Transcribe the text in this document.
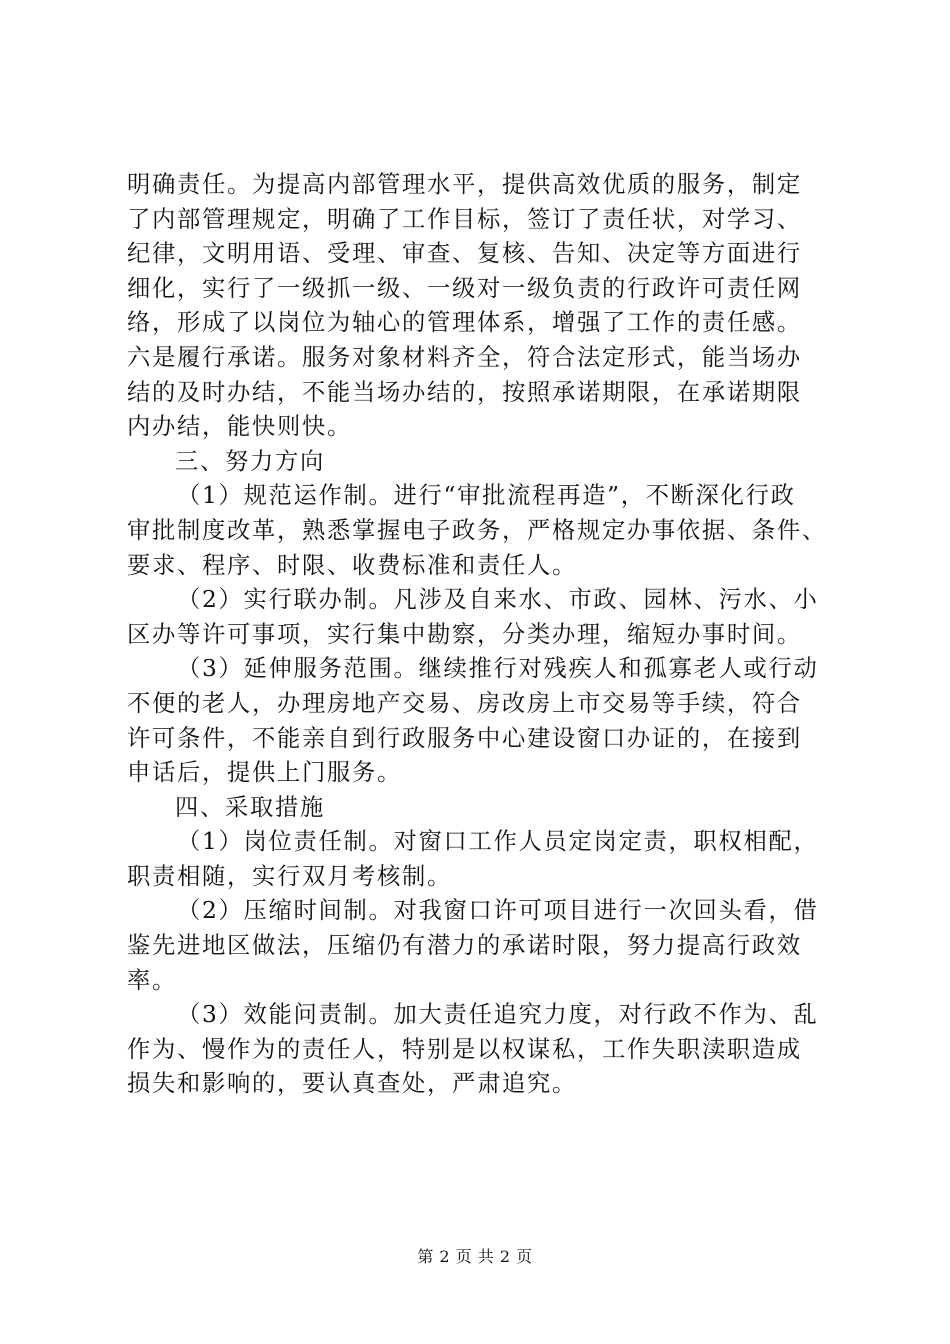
明确责任。为提高内部管理水平，提供高效优质的服务，制定
了内部管理规定，明确了工作目标，签订了责任状，对学习、
纪律，文明用语、受理、审查、复核、告知、决定等方面进行
细化，实行了一级抓一级、一级对一级负责的行政许可责任网
络，形成了以岗位为轴心的管理体系，增强了工作的责任感。
六是履行承诺。服务对象材料齐全，符合法定形式，能当场办
结的及时办结，不能当场办结的，按照承诺期限，在承诺期限
内办结，能快则快。
三、努力方向
（1）规范运作制。进行“审批流程再造”，不断深化行政
审批制度改革，熟悉掌握电子政务，严格规定办事依据、条件、
要求、程序、时限、收费标准和责任人。
（2）实行联办制。凡涉及自来水、市政、园林、污水、小
区办等许可事项，实行集中勘察，分类办理，缩短办事时间。
（3）延伸服务范围。继续推行对残疾人和孤寡老人或行动
不便的老人，办理房地产交易、房改房上市交易等手续，符合
许可条件，不能亲自到行政服务中心建设窗口办证的，在接到
申话后，提供上门服务。
四、采取措施
（1）岗位责任制。对窗口工作人员定岗定责，职权相配，
职责相随，实行双月考核制。
（2）压缩时间制。对我窗口许可项目进行一次回头看，借
鉴先进地区做法，压缩仍有潜力的承诺时限，努力提高行政效
率。
（3）效能问责制。加大责任追究力度，对行政不作为、乱
作为、慢作为的责任人，特别是以权谋私，工作失职渎职造成
损失和影响的，要认真查处，严肃追究。
第 2 页 共 2 页
